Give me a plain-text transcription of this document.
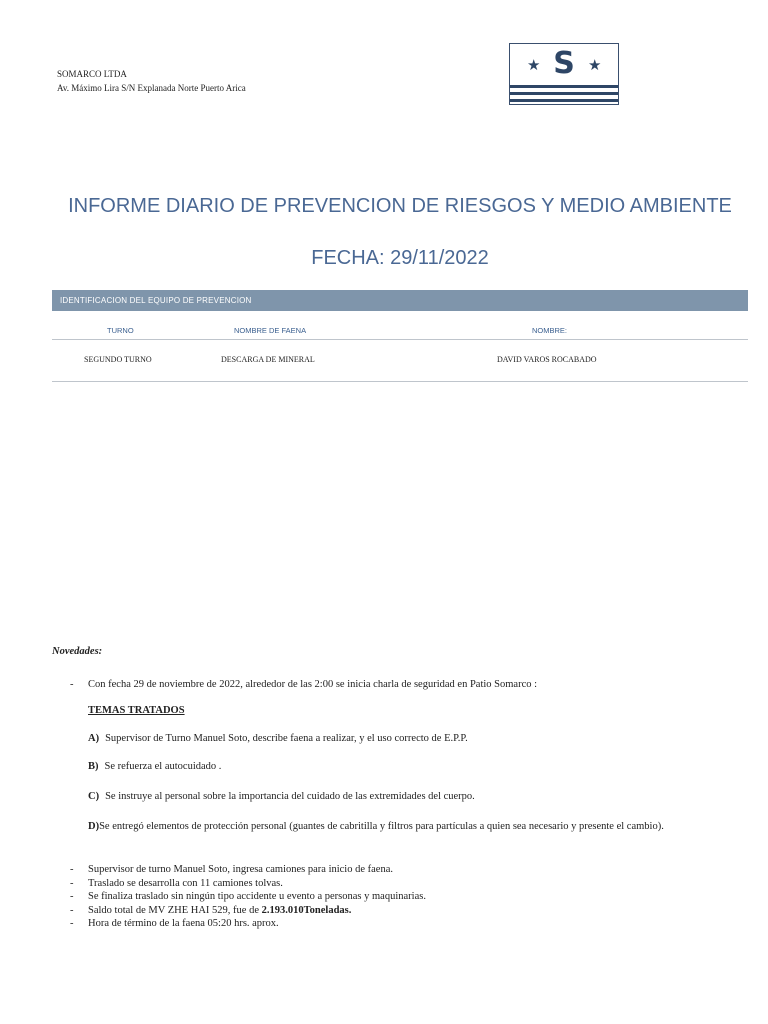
SOMARCO LTDA
Av. Máximo Lira S/N Explanada Norte Puerto Arica
★ S ★
INFORME DIARIO DE PREVENCION DE RIESGOS Y MEDIO AMBIENTE
FECHA: 29/11/2022
IDENTIFICACION DEL EQUIPO DE PREVENCION
TURNO	NOMBRE DE FAENA	NOMBRE:
SEGUNDO TURNO	DESCARGA DE MINERAL	DAVID VAROS ROCABADO
Novedades:
- Con fecha 29 de noviembre de 2022, alrededor de las 2:00 se inicia charla de seguridad en Patio Somarco :
TEMAS TRATADOS
A) Supervisor de Turno Manuel Soto, describe faena a realizar, y el uso correcto de E.P.P.
B) Se refuerza el autocuidado .
C) Se instruye al personal sobre la importancia del cuidado de las extremidades del cuerpo.
D)Se entregó elementos de protección personal (guantes de cabritilla y filtros para partículas a quien sea necesario y presente el cambio).
-	Supervisor de turno Manuel Soto, ingresa camiones para inicio de faena.
-	Traslado se desarrolla con 11 camiones tolvas.
-	Se finaliza traslado sin ningún tipo accidente u evento a personas y maquinarias.
-	Saldo total de MV ZHE HAI 529, fue de 2.193.010Toneladas.
-	Hora de término de la faena 05:20 hrs. aprox.
